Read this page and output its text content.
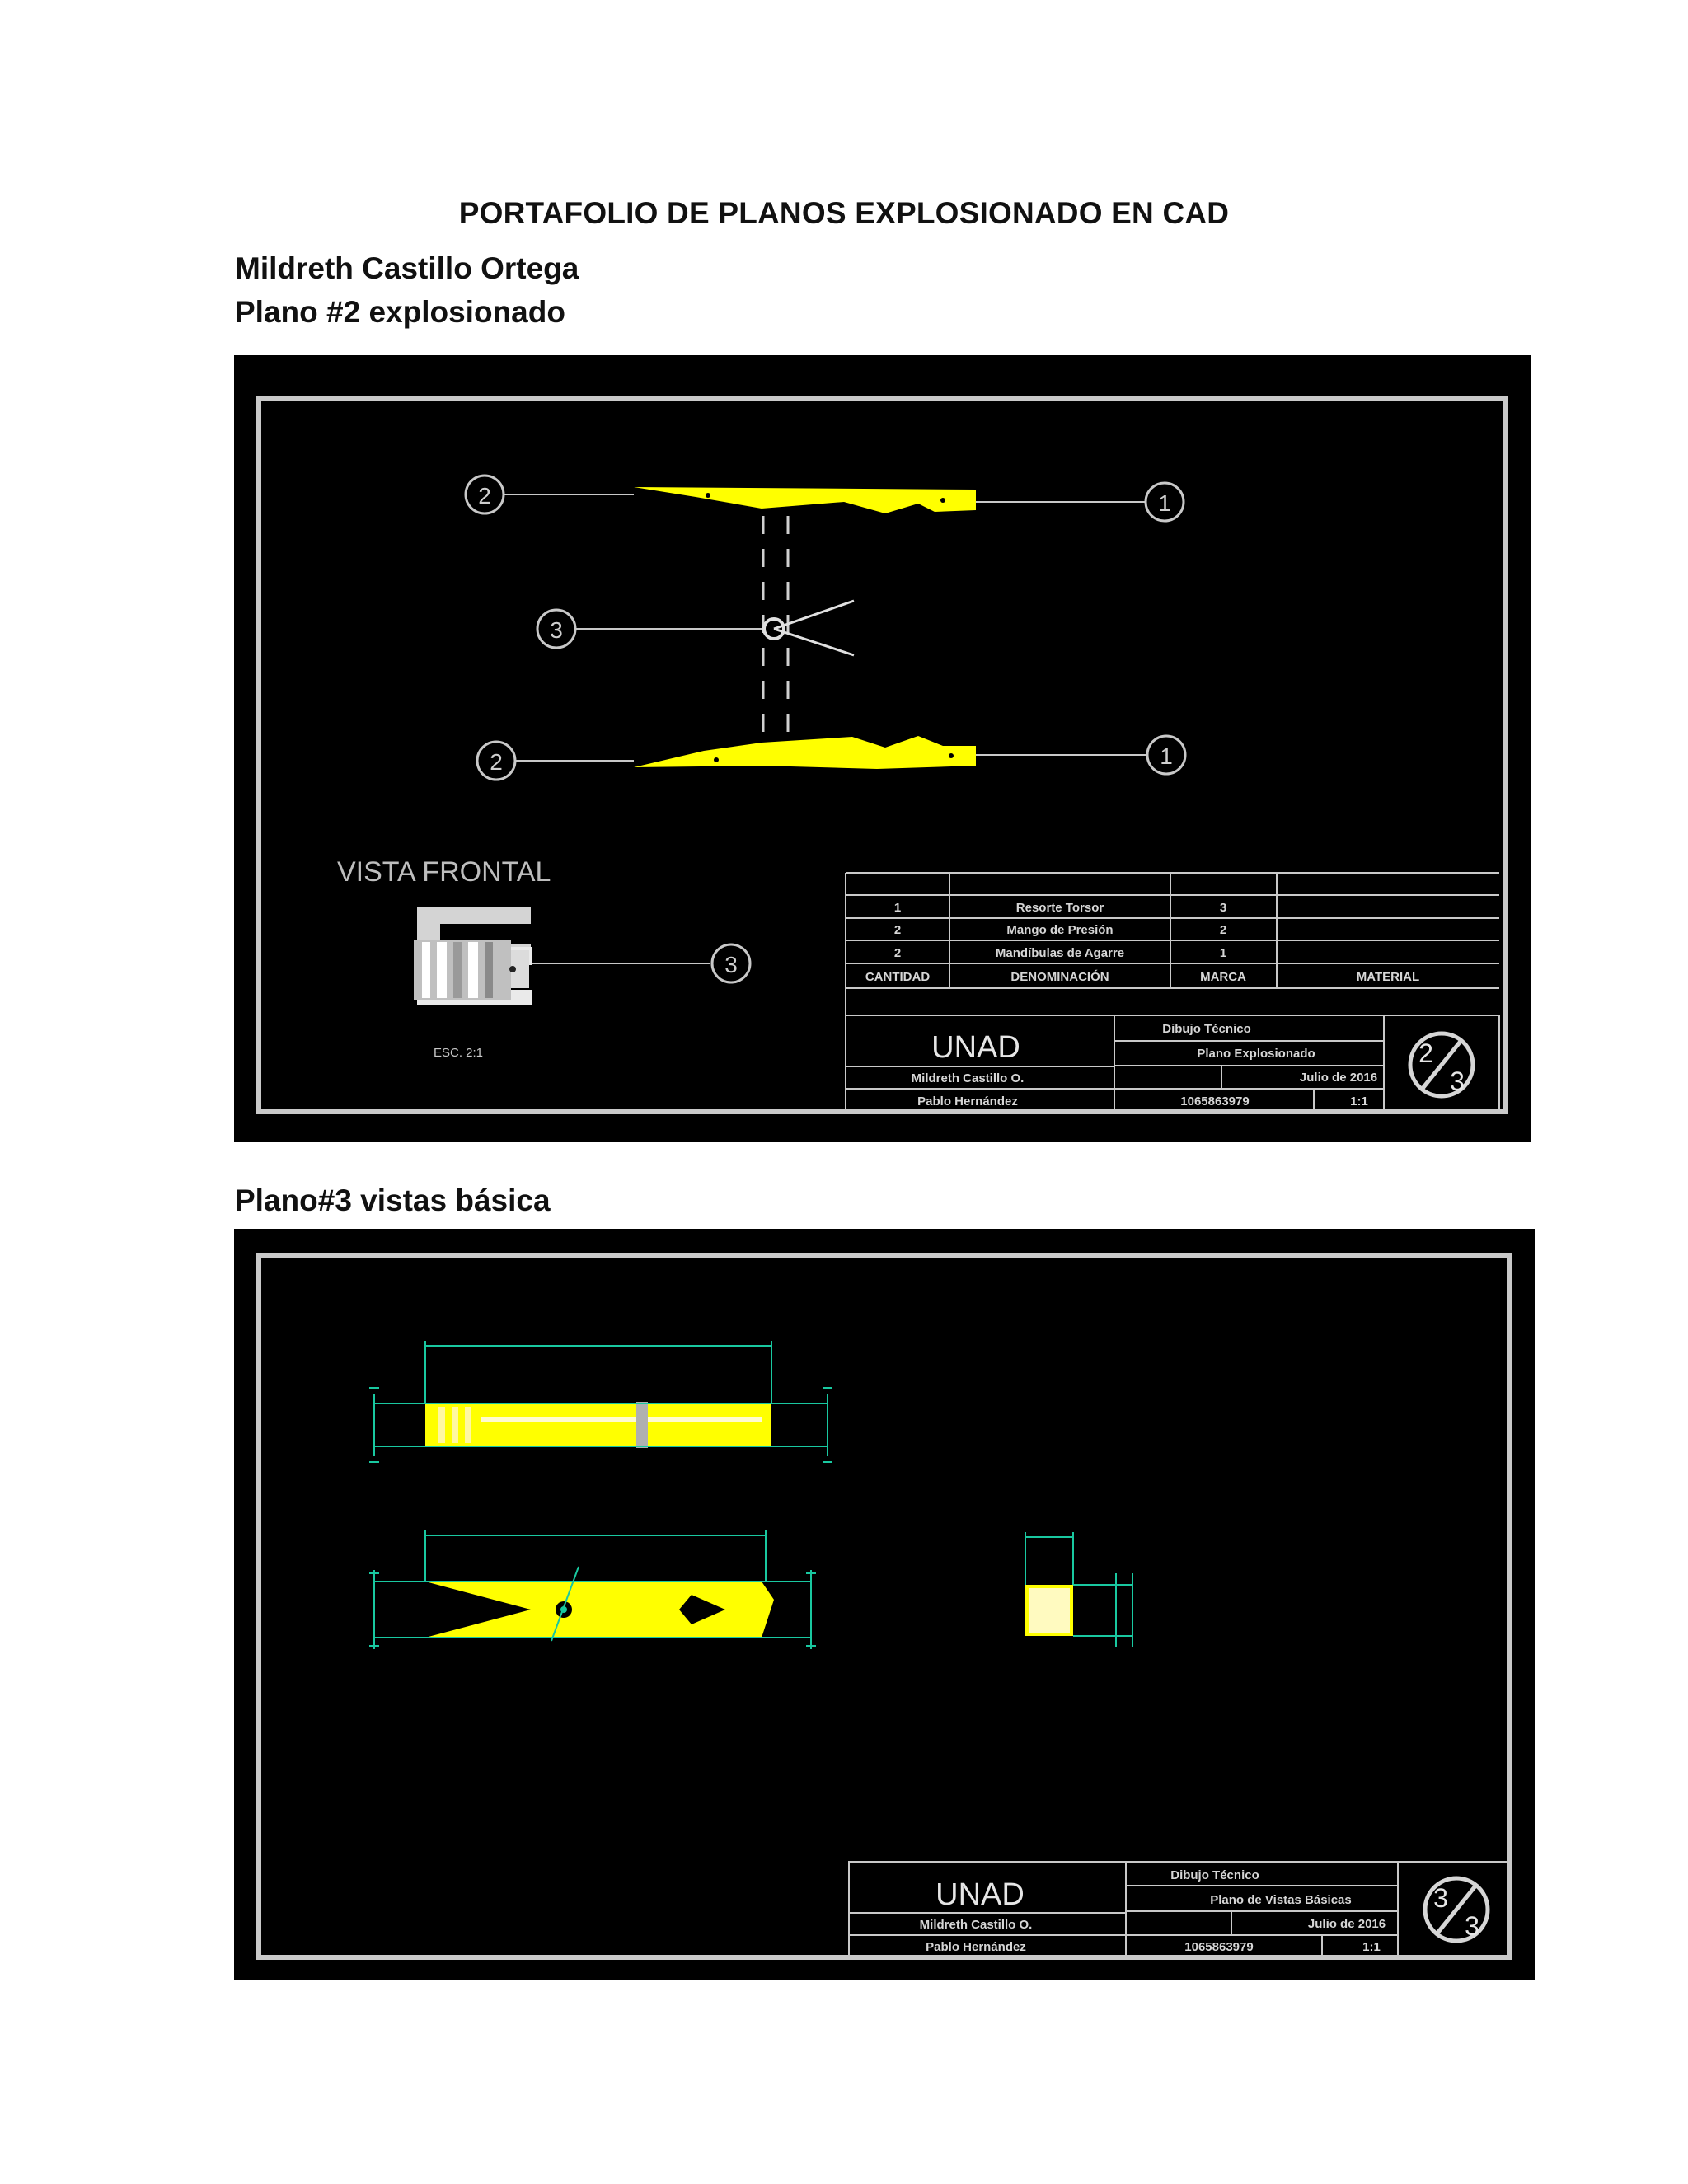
PORTAFOLIO DE PLANOS EXPLOSIONADO EN CAD
Mildreth Castillo Ortega
Plano #2 explosionado
2	1
3
2	1
VISTA FRONTAL
3
ESC. 2:1
1	Resorte Torsor	3
2	Mango de Presión	2
2	Mandíbulas de Agarre	1
CANTIDAD	DENOMINACIÓN	MARCA	MATERIAL
UNAD
Mildreth Castillo O.
Pablo Hernández
Dibujo Técnico
Plano Explosionado
Julio de 2016
1065863979	1:1
2
3
Plano#3 vistas básica
UNAD
Mildreth Castillo O.
Pablo Hernández
Dibujo Técnico
Plano de Vistas Básicas
Julio de 2016
1065863979	1:1
3
3
